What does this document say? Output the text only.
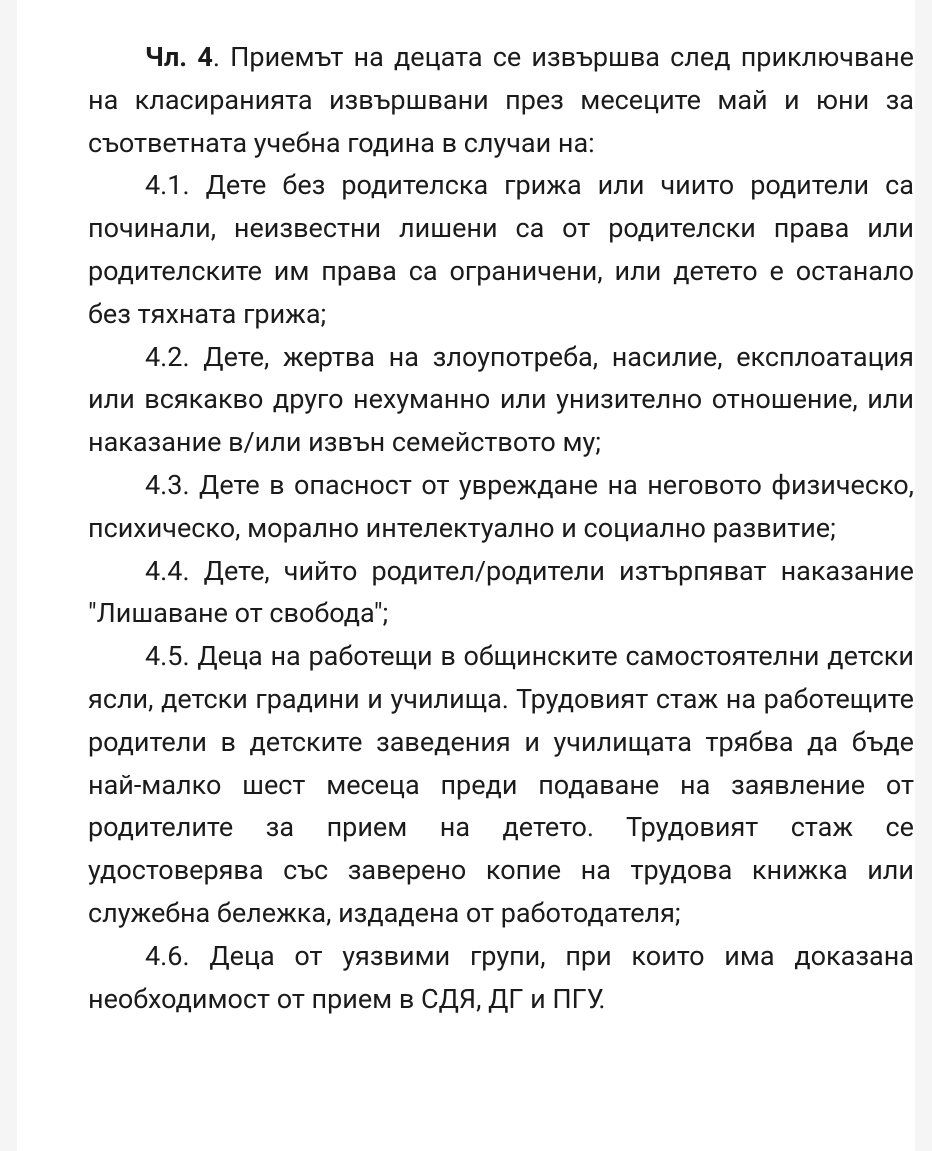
Чл. 4. Приемът на децата се извършва след приключване на класиранията извършвани през месеците май и юни за съответната учебна година в случаи на:

4.1. Дете без родителска грижа или чиито родители са починали, неизвестни лишени са от родителски права или родителските им права са ограничени, или детето е останало без тяхната грижа;

4.2. Дете, жертва на злоупотреба, насилие, експлоатация или всякакво друго нехуманно или унизително отношение, или наказание в/или извън семейството му;

4.3. Дете в опасност от увреждане на неговото физическо, психическо, морално интелектуално и социално развитие;

4.4. Дете, чийто родител/родители изтърпяват наказание "Лишаване от свобода";

4.5. Деца на работещи в общинските самостоятелни детски ясли, детски градини и училища. Трудовият стаж на работещите родители в детските заведения и училищата трябва да бъде най-малко шест месеца преди подаване на заявление от родителите за прием на детето. Трудовият стаж се удостоверява със заверено копие на трудова книжка или служебна бележка, издадена от работодателя;

4.6. Деца от уязвими групи, при които има доказана необходимост от прием в СДЯ, ДГ и ПГУ.
